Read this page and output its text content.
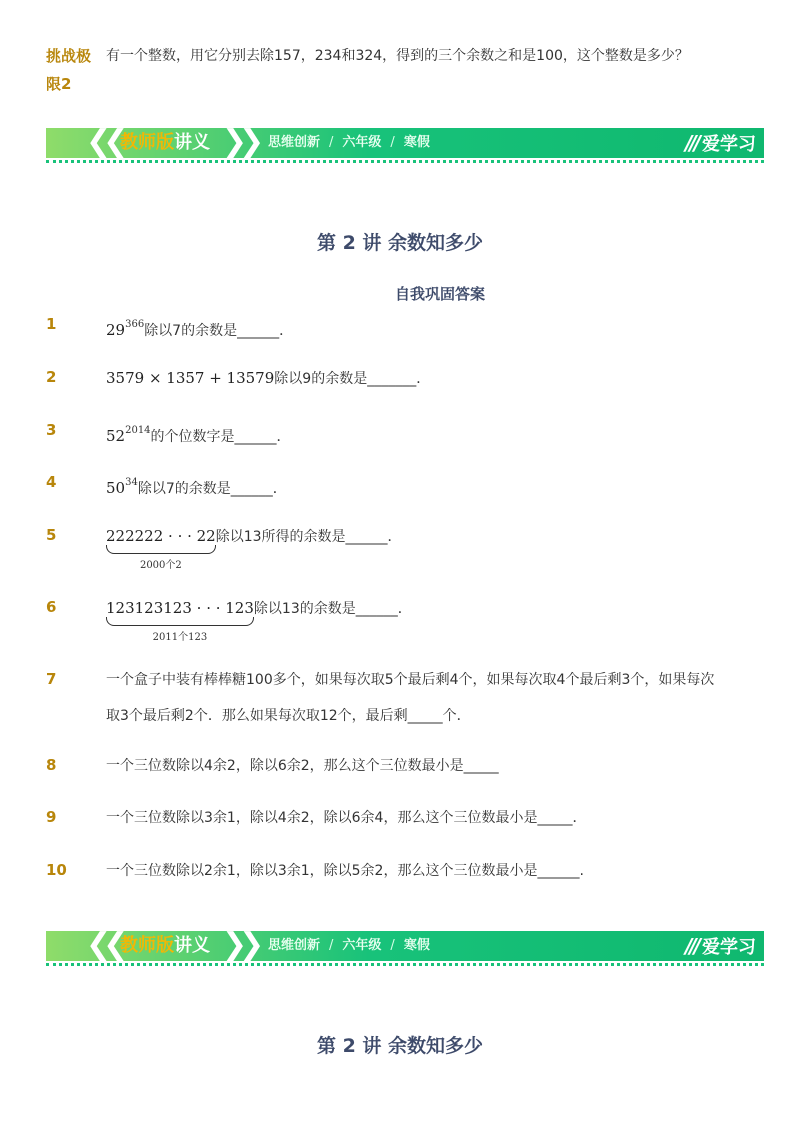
挑战极限2
有一个整数，用它分别去除157，234和324，得到的三个余数之和是100，这个整数是多少？
❮❮ 教师版讲义 ❯❯ 思维创新 / 六年级 / 寒假	/// 爱学习
第 2 讲 余数知多少
自我巩固答案
1	$29^{366}$除以7的余数是______．
2	3579 × 1357 + 13579除以9的余数是_______．
3	$52^{2014}$的个位数字是______．
4	$50^{34}$除以7的余数是______．
5	222222 · · · 22
2000个2
除以13所得的余数是______．
6	123123123 · · · 123
2011个123
除以13的余数是______．
7	一个盒子中装有棒棒糖100多个，如果每次取5个最后剩4个，如果每次取4个最后剩3个，如果每次取3个最后剩2个．那么如果每次取12个，最后剩_____个．
8	一个三位数除以4余2，除以6余2，那么这个三位数最小是_____
9	一个三位数除以3余1，除以4余2，除以6余4，那么这个三位数最小是_____．
10	一个三位数除以2余1，除以3余1，除以5余2，那么这个三位数最小是______.
❮❮ 教师版讲义 ❯❯ 思维创新 / 六年级 / 寒假	/// 爱学习
第 2 讲 余数知多少
